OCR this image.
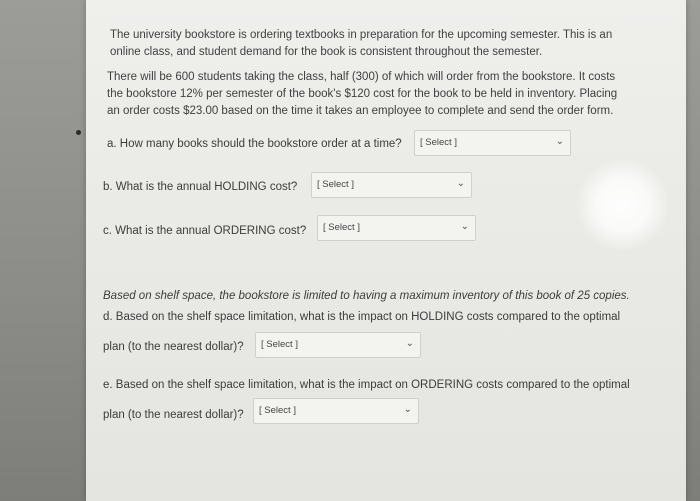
The university bookstore is ordering textbooks in preparation for the upcoming semester. This is an online class, and student demand for the book is consistent throughout the semester.
There will be 600 students taking the class, half (300) of which will order from the bookstore. It costs the bookstore 12% per semester of the book's $120 cost for the book to be held in inventory. Placing an order costs $23.00 based on the time it takes an employee to complete and send the order form.
a. How many books should the bookstore order at a time? [ Select ]	⌄
b. What is the annual HOLDING cost? [ Select ]	⌄
c. What is the annual ORDERING cost? [ Select ]	⌄
Based on shelf space, the bookstore is limited to having a maximum inventory of this book of 25 copies.
d. Based on the shelf space limitation, what is the impact on HOLDING costs compared to the optimal
plan (to the nearest dollar)? [ Select ]	⌄
e. Based on the shelf space limitation, what is the impact on ORDERING costs compared to the optimal
plan (to the nearest dollar)? [ Select ]	⌄
